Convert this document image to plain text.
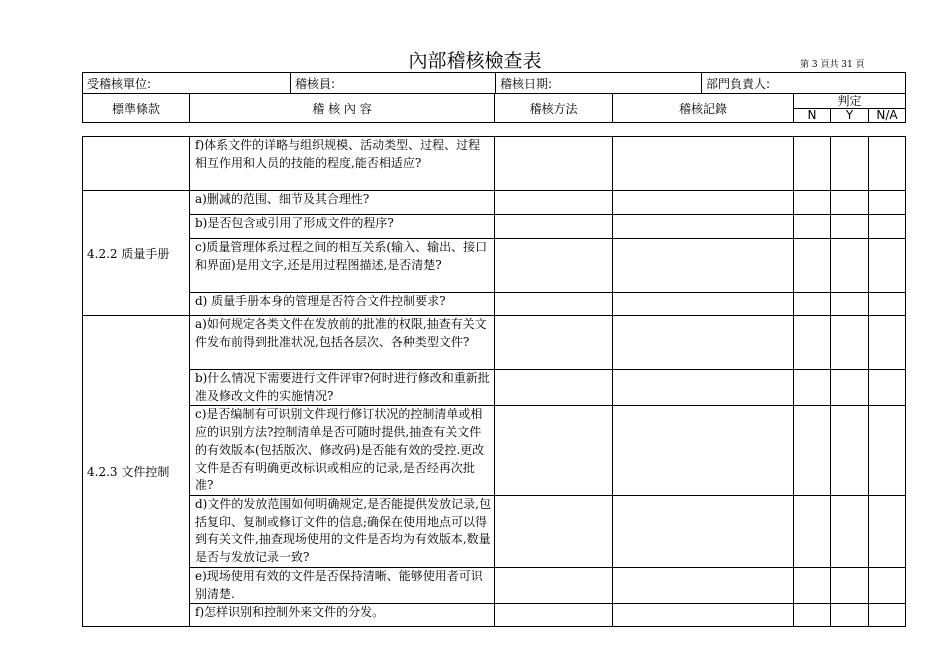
內部稽核檢查表	第 3 頁共 31 頁
受稽核單位:	稽核員:	稽核日期:	部門負責人:
標準條款	稽 核 內 容	稽核方法	稽核記錄	判定		
				N	Y	N/A
	f)体系文件的详略与组织规模、活动类型、过程、过程相互作用和人员的技能的程度,能否相适应?					
4.2.2 质量手册	a)删减的范围、细节及其合理性?					
	b)是否包含或引用了形成文件的程序?					
	c)质量管理体系过程之间的相互关系(输入、输出、接口和界面)是用文字,还是用过程图描述,是否清楚?					
	d) 质量手册本身的管理是否符合文件控制要求?					
4.2.3 文件控制	a)如何规定各类文件在发放前的批准的权限,抽查有关文件发布前得到批准状况,包括各层次、各种类型文件?					
	b)什么情况下需要进行文件评审?何时进行修改和重新批准及修改文件的实施情况?					
	c)是否编制有可识别文件现行修订状况的控制清单或相应的识别方法?控制清单是否可随时提供,抽查有关文件的有效版本(包括版次、修改码)是否能有效的受控.更改文件是否有明确更改标识或相应的记录,是否经再次批准?					
	d)文件的发放范围如何明确规定,是否能提供发放记录,包括复印、复制或修订文件的信息;确保在使用地点可以得到有关文件,抽查现场使用的文件是否均为有效版本,数量是否与发放记录一致?					
	e)现场使用有效的文件是否保持清晰、能够使用者可识别清楚.					
	f)怎样识别和控制外来文件的分发。					
